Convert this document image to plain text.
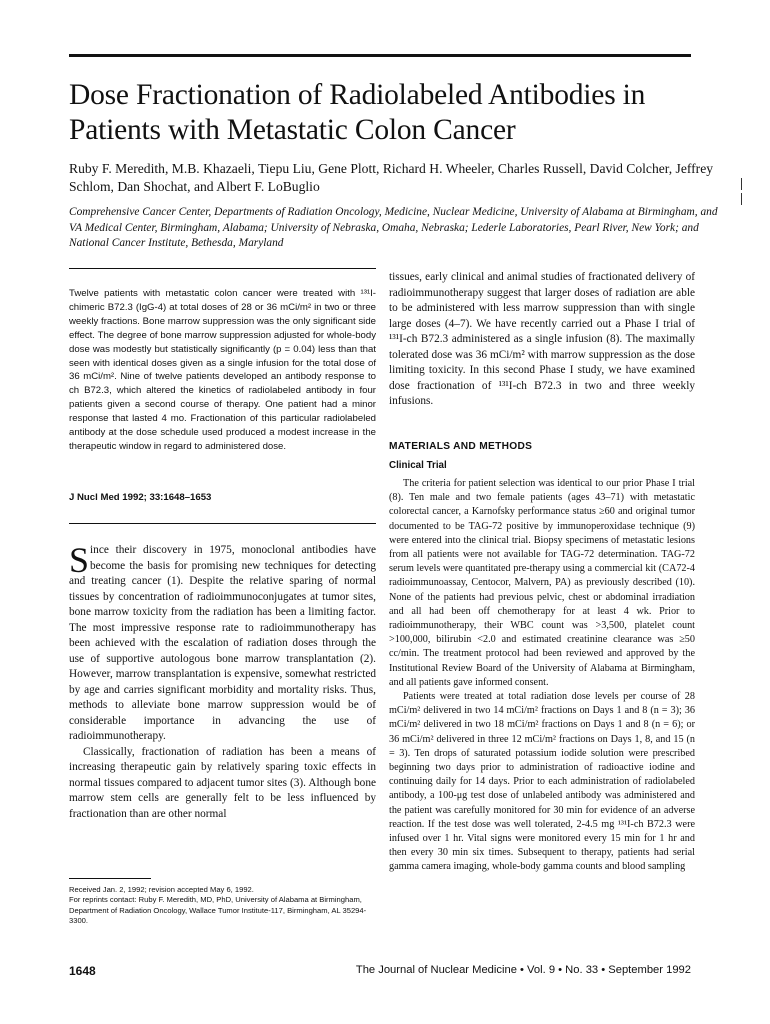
Dose Fractionation of Radiolabeled Antibodies in Patients with Metastatic Colon Cancer

Ruby F. Meredith, M.B. Khazaeli, Tiepu Liu, Gene Plott, Richard H. Wheeler, Charles Russell, David Colcher, Jeffrey Schlom, Dan Shochat, and Albert F. LoBuglio

Comprehensive Cancer Center, Departments of Radiation Oncology, Medicine, Nuclear Medicine, University of Alabama at Birmingham, and VA Medical Center, Birmingham, Alabama; University of Nebraska, Omaha, Nebraska; Lederle Laboratories, Pearl River, New York; and National Cancer Institute, Bethesda, Maryland

Twelve patients with metastatic colon cancer were treated with ¹³¹I-chimeric B72.3 (IgG-4) at total doses of 28 or 36 mCi/m² in two or three weekly fractions. Bone marrow suppression was the only significant side effect. The degree of bone marrow suppression adjusted for whole-body dose was modestly but statistically significantly (p = 0.04) less than that seen with identical doses given as a single infusion for the total dose of 36 mCi/m². Nine of twelve patients developed an antibody response to ch B72.3, which altered the kinetics of radiolabeled antibody in four patients given a second course of therapy. One patient had a minor response that lasted 4 mo. Fractionation of this particular radiolabeled antibody at the dose schedule used produced a modest increase in the therapeutic window in regard to administered dose.

J Nucl Med 1992; 33:1648–1653

Since their discovery in 1975, monoclonal antibodies have become the basis for promising new techniques for detecting and treating cancer (1). Despite the relative sparing of normal tissues by concentration of radioimmunoconjugates at tumor sites, bone marrow toxicity from the radiation has been a limiting factor. The most impressive response rate to radioimmunotherapy has been achieved with the escalation of radiation doses through the use of supportive autologous bone marrow transplantation (2). However, marrow transplantation is expensive, somewhat restricted by age and carries significant morbidity and mortality risks. Thus, methods to alleviate bone marrow suppression would be of considerable importance in advancing the use of radioimmunotherapy.

Classically, fractionation of radiation has been a means of increasing therapeutic gain by relatively sparing toxic effects in normal tissues compared to adjacent tumor sites (3). Although bone marrow stem cells are generally felt to be less influenced by fractionation than are other normal

Received Jan. 2, 1992; revision accepted May 6, 1992.

For reprints contact: Ruby F. Meredith, MD, PhD, University of Alabama at Birmingham, Department of Radiation Oncology, Wallace Tumor Institute-117, Birmingham, AL 35294-3300.

tissues, early clinical and animal studies of fractionated delivery of radioimmunotherapy suggest that larger doses of radiation are able to be administered with less marrow suppression than with single large doses (4–7). We have recently carried out a Phase I trial of ¹³¹I-ch B72.3 administered as a single infusion (8). The maximally tolerated dose was 36 mCi/m² with marrow suppression as the dose limiting toxicity. In this second Phase I study, we have examined dose fractionation of ¹³¹I-ch B72.3 in two and three weekly infusions.

MATERIALS AND METHODS
Clinical Trial

The criteria for patient selection was identical to our prior Phase I trial (8). Ten male and two female patients (ages 43–71) with metastatic colorectal cancer, a Karnofsky performance status ≥60 and original tumor documented to be TAG-72 positive by immunoperoxidase technique (9) were entered into the clinical trial. Biopsy specimens of metastatic lesions from all patients were not available for TAG-72 determination. TAG-72 serum levels were quantitated pre-therapy using a commercial kit (CA72-4 radioimmunoassay, Centocor, Malvern, PA) as previously described (10). None of the patients had previous pelvic, chest or abdominal irradiation and all had been off chemotherapy for at least 4 wk. Prior to radioimmunotherapy, their WBC count was >3,500, platelet count >100,000, bilirubin <2.0 and estimated creatinine clearance was ≥50 cc/min. The treatment protocol had been reviewed and approved by the Institutional Review Board of the University of Alabama at Birmingham, and all patients gave informed consent.

Patients were treated at total radiation dose levels per course of 28 mCi/m² delivered in two 14 mCi/m² fractions on Days 1 and 8 (n = 3); 36 mCi/m² delivered in two 18 mCi/m² fractions on Days 1 and 8 (n = 6); or 36 mCi/m² delivered in three 12 mCi/m² fractions on Days 1, 8, and 15 (n = 3). Ten drops of saturated potassium iodide solution were prescribed beginning two days prior to administration of radioactive iodine and continuing daily for 14 days. Prior to each administration of radiolabeled antibody, a 100-μg test dose of unlabeled antibody was administered and the patient was carefully monitored for 30 min for evidence of an adverse reaction. If the test dose was well tolerated, 2-4.5 mg ¹³¹I-ch B72.3 were infused over 1 hr. Vital signs were monitored every 15 min for 1 hr and then every 30 min six times. Subsequent to therapy, patients had serial gamma camera imaging, whole-body gamma counts and blood sampling

1648	The Journal of Nuclear Medicine • Vol. 9 • No. 33 • September 1992
